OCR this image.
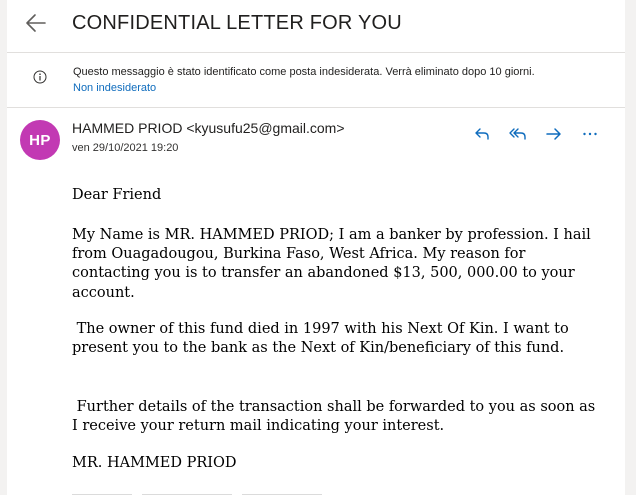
CONFIDENTIAL LETTER FOR YOU
Questo messaggio è stato identificato come posta indesiderata. Verrà eliminato dopo 10 giorni.
Non indesiderato
HP
HAMMED PRIOD <kyusufu25@gmail.com>
ven 29/10/2021 19:20

Dear Friend

My Name is MR. HAMMED PRIOD; I am a banker by profession. I hail from Ouagadougou, Burkina Faso, West Africa. My reason for contacting you is to transfer an abandoned $13, 500, 000.00 to your account.

The owner of this fund died in 1997 with his Next Of Kin. I want to present you to the bank as the Next of Kin/beneficiary of this fund.

Further details of the transaction shall be forwarded to you as soon as I receive your return mail indicating your interest.

MR. HAMMED PRIOD
